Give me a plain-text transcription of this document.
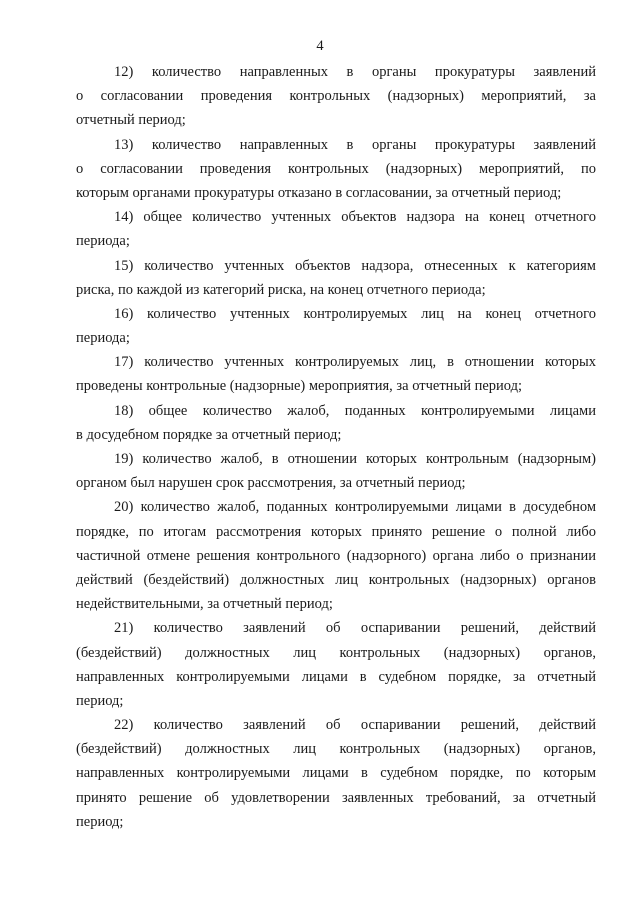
4
12) количество направленных в органы прокуратуры заявлений
о согласовании проведения контрольных (надзорных) мероприятий, за
отчетный период;
13) количество направленных в органы прокуратуры заявлений
о согласовании проведения контрольных (надзорных) мероприятий, по
которым органами прокуратуры отказано в согласовании, за отчетный период;
14) общее количество учтенных объектов надзора на конец отчетного
периода;
15) количество учтенных объектов надзора, отнесенных к категориям
риска, по каждой из категорий риска, на конец отчетного периода;
16) количество учтенных контролируемых лиц на конец отчетного
периода;
17) количество учтенных контролируемых лиц, в отношении которых
проведены контрольные (надзорные) мероприятия, за отчетный период;
18) общее количество жалоб, поданных контролируемыми лицами
в досудебном порядке за отчетный период;
19) количество жалоб, в отношении которых контрольным (надзорным)
органом был нарушен срок рассмотрения, за отчетный период;
20) количество жалоб, поданных контролируемыми лицами в досудебном
порядке, по итогам рассмотрения которых принято решение о полной либо
частичной отмене решения контрольного (надзорного) органа либо о признании
действий (бездействий) должностных лиц контрольных (надзорных) органов
недействительными, за отчетный период;
21) количество заявлений об оспаривании решений, действий
(бездействий) должностных лиц контрольных (надзорных) органов,
направленных контролируемыми лицами в судебном порядке, за отчетный
период;
22) количество заявлений об оспаривании решений, действий
(бездействий) должностных лиц контрольных (надзорных) органов,
направленных контролируемыми лицами в судебном порядке, по которым
принято решение об удовлетворении заявленных требований, за отчетный
период;
